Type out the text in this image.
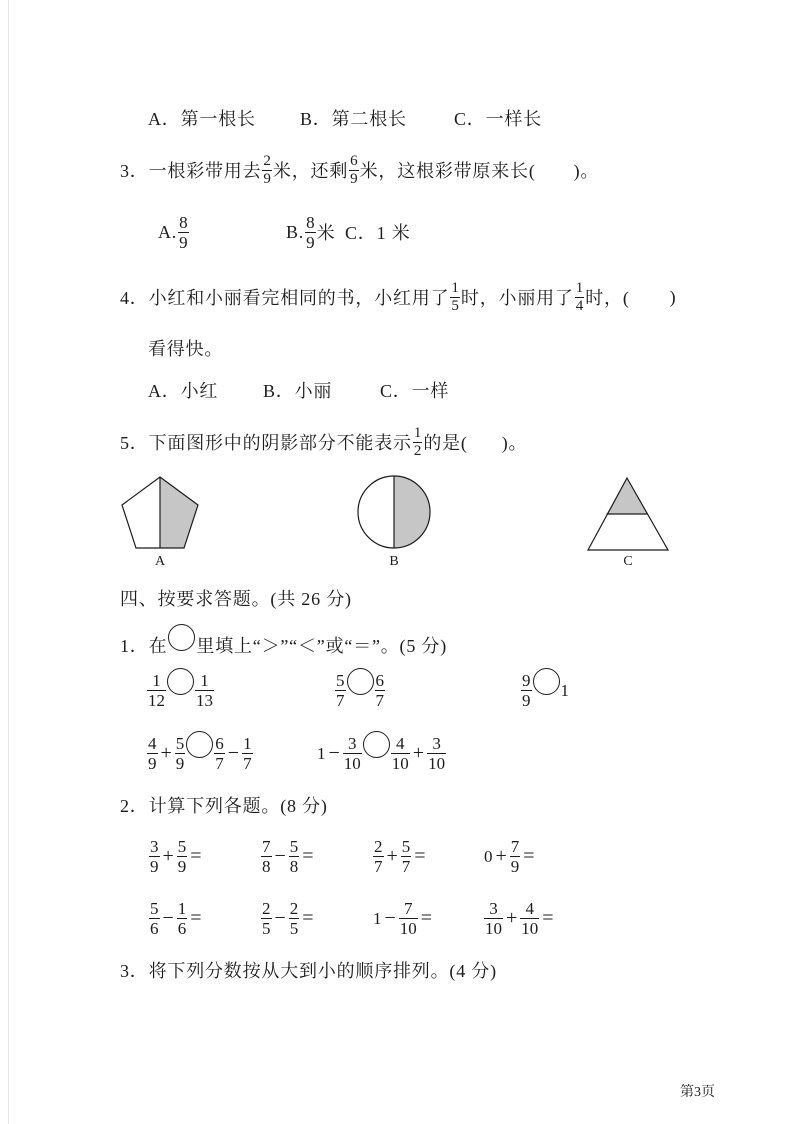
A．第一根长 B．第二根长	C．一样长
3． 一根彩带用去 $\frac{2}{9}$ 米，还剩 $\frac{6}{9}$ 米，这根彩带原来长( )。
A. $\frac{8}{9}$	B. $\frac{8}{9}$ 米 C．1 米
4． 小红和小丽看完相同的书，小红用了 $\frac{1}{5}$ 时，小丽用了 $\frac{1}{4}$ 时，( )
看得快。
A．小红 B．小丽	C．一样
5． 下面图形中的阴影部分不能表示 $\frac{1}{2}$ 的是( )。
A	B	C
四、按要求答题。(共 26 分)
1．在 里填上“＞”“＜”或“＝”。(5 分)
$\frac{1}{12} \frac{1}{13}$	$\frac{5}{7} \frac{6}{7}$	$\frac{9}{9} 1$
$\frac{4}{9} + \frac{5}{9} \frac{6}{7} - \frac{1}{7}$	$1 - \frac{3}{10} \frac{4}{10} + \frac{3}{10}$
2．计算下列各题。(8 分)
$\frac{3}{9} + \frac{5}{9}$ =	$\frac{7}{8} - \frac{5}{8}$ =	$\frac{2}{7} + \frac{5}{7}$ =	$0 + \frac{7}{9}$ =
$\frac{5}{6} - \frac{1}{6}$ =	$\frac{2}{5} - \frac{2}{5}$ =	$1 - \frac{7}{10}$ =	$\frac{3}{10} + \frac{4}{10}$ =
3．将下列分数按从大到小的顺序排列。(4 分)
第3页
